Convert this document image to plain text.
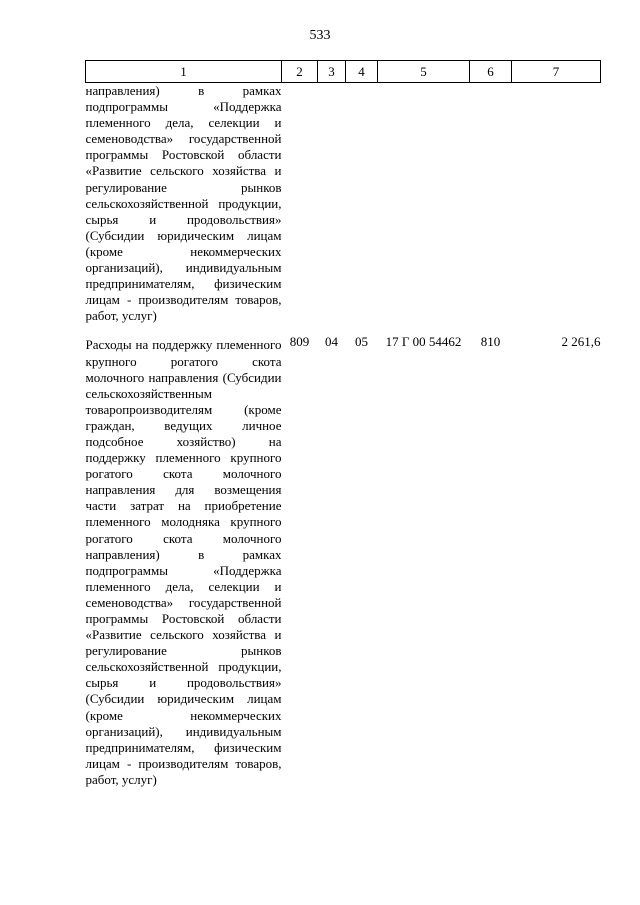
533
1	2	3	4	5	6	7
направления) в рамках подпрограммы «Поддержка племенного дела, селекции и семеноводства» государственной программы Ростовской области «Развитие сельского хозяйства и регулирование рынков сельскохозяйственной продукции, сырья и продовольствия» (Субсидии юридическим лицам (кроме некоммерческих организаций), индивидуальным предпринимателям, физическим лицам - производителям товаров, работ, услуг)						
Расходы на поддержку племенного крупного рогатого скота молочного направления (Субсидии сельскохозяйственным товаропроизводителям (кроме граждан, ведущих личное подсобное хозяйство) на поддержку племенного крупного рогатого скота молочного направления для возмещения части затрат на приобретение племенного молодняка крупного рогатого скота молочного направления) в рамках подпрограммы «Поддержка племенного дела, селекции и семеноводства» государственной программы Ростовской области «Развитие сельского хозяйства и регулирование рынков сельскохозяйственной продукции, сырья и продовольствия» (Субсидии юридическим лицам (кроме некоммерческих организаций), индивидуальным предпринимателям, физическим лицам - производителям товаров, работ, услуг)	809	04	05	17 Г 00 54462	810	2 261,6
